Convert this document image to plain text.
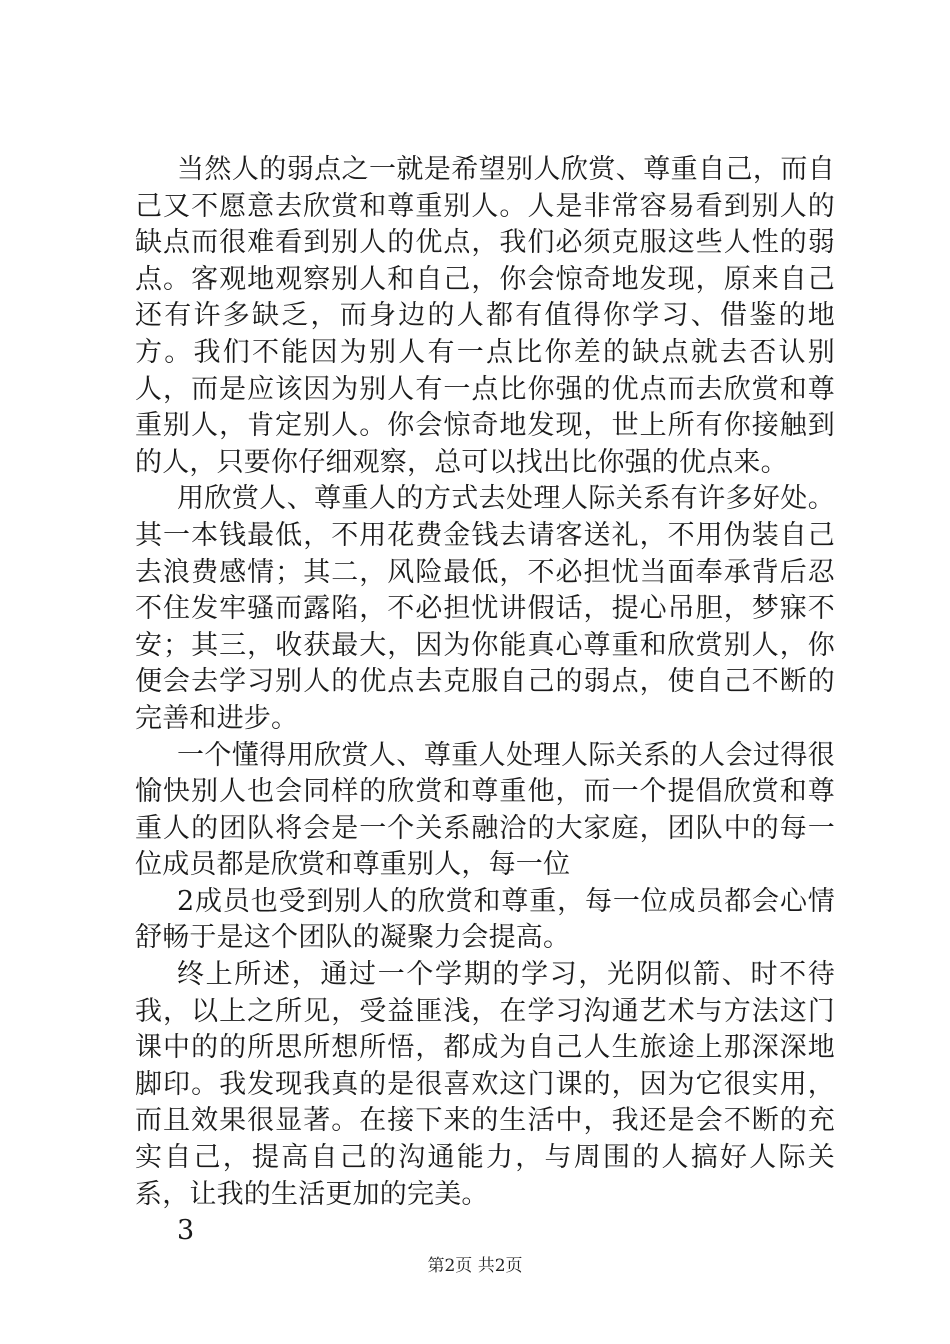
当然人的弱点之一就是希望别人欣赏、尊重自己，而自己又不愿意去欣赏和尊重别人。人是非常容易看到别人的缺点而很难看到别人的优点，我们必须克服这些人性的弱点。客观地观察别人和自己，你会惊奇地发现，原来自己还有许多缺乏，而身边的人都有值得你学习、借鉴的地方。我们不能因为别人有一点比你差的缺点就去否认别人，而是应该因为别人有一点比你强的优点而去欣赏和尊重别人，肯定别人。你会惊奇地发现，世上所有你接触到的人，只要你仔细观察，总可以找出比你强的优点来。

用欣赏人、尊重人的方式去处理人际关系有许多好处。其一本钱最低，不用花费金钱去请客送礼，不用伪装自己去浪费感情；其二，风险最低，不必担忧当面奉承背后忍不住发牢骚而露陷，不必担忧讲假话，提心吊胆，梦寐不安；其三，收获最大，因为你能真心尊重和欣赏别人，你便会去学习别人的优点去克服自己的弱点，使自己不断的完善和进步。

一个懂得用欣赏人、尊重人处理人际关系的人会过得很愉快别人也会同样的欣赏和尊重他，而一个提倡欣赏和尊重人的团队将会是一个关系融洽的大家庭，团队中的每一位成员都是欣赏和尊重别人，每一位

2成员也受到别人的欣赏和尊重，每一位成员都会心情舒畅于是这个团队的凝聚力会提高。

终上所述，通过一个学期的学习，光阴似箭、时不待我，以上之所见，受益匪浅，在学习沟通艺术与方法这门课中的的所思所想所悟，都成为自己人生旅途上那深深地脚印。我发现我真的是很喜欢这门课的，因为它很实用，而且效果很显著。在接下来的生活中，我还是会不断的充实自己，提高自己的沟通能力，与周围的人搞好人际关系，让我的生活更加的完美。

3

第2页 共2页
